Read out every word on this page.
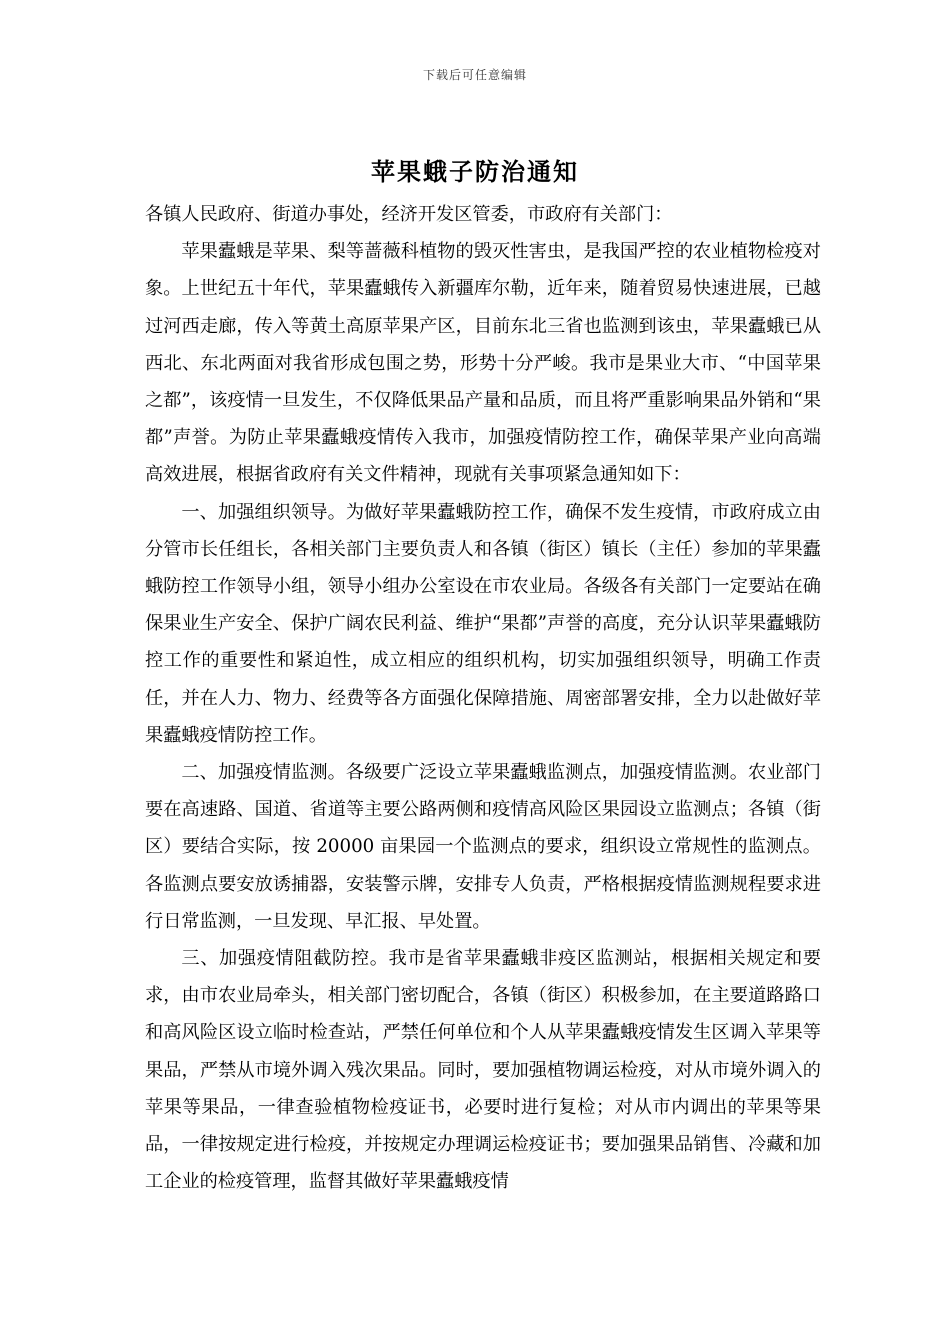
下载后可任意编辑
苹果蛾子防治通知

各镇人民政府、街道办事处，经济开发区管委，市政府有关部门：

苹果蠹蛾是苹果、梨等蔷薇科植物的毁灭性害虫，是我国严控的农业植物检疫对象。上世纪五十年代，苹果蠹蛾传入新疆库尔勒，近年来，随着贸易快速进展，已越过河西走廊，传入等黄土高原苹果产区，目前东北三省也监测到该虫，苹果蠹蛾已从西北、东北两面对我省形成包围之势，形势十分严峻。我市是果业大市、“中国苹果之都”，该疫情一旦发生，不仅降低果品产量和品质，而且将严重影响果品外销和“果都”声誉。为防止苹果蠹蛾疫情传入我市，加强疫情防控工作，确保苹果产业向高端高效进展，根据省政府有关文件精神，现就有关事项紧急通知如下：

一、加强组织领导。为做好苹果蠹蛾防控工作，确保不发生疫情，市政府成立由分管市长任组长，各相关部门主要负责人和各镇（街区）镇长（主任）参加的苹果蠹蛾防控工作领导小组，领导小组办公室设在市农业局。各级各有关部门一定要站在确保果业生产安全、保护广阔农民利益、维护“果都”声誉的高度，充分认识苹果蠹蛾防控工作的重要性和紧迫性，成立相应的组织机构，切实加强组织领导，明确工作责任，并在人力、物力、经费等各方面强化保障措施、周密部署安排，全力以赴做好苹果蠹蛾疫情防控工作。

二、加强疫情监测。各级要广泛设立苹果蠹蛾监测点，加强疫情监测。农业部门要在高速路、国道、省道等主要公路两侧和疫情高风险区果园设立监测点；各镇（街区）要结合实际，按 20000 亩果园一个监测点的要求，组织设立常规性的监测点。各监测点要安放诱捕器，安装警示牌，安排专人负责，严格根据疫情监测规程要求进行日常监测，一旦发现、早汇报、早处置。

三、加强疫情阻截防控。我市是省苹果蠹蛾非疫区监测站，根据相关规定和要求，由市农业局牵头，相关部门密切配合，各镇（街区）积极参加，在主要道路路口和高风险区设立临时检查站，严禁任何单位和个人从苹果蠹蛾疫情发生区调入苹果等果品，严禁从市境外调入残次果品。同时，要加强植物调运检疫，对从市境外调入的苹果等果品，一律查验植物检疫证书，必要时进行复检；对从市内调出的苹果等果品，一律按规定进行检疫，并按规定办理调运检疫证书；要加强果品销售、冷藏和加工企业的检疫管理，监督其做好苹果蠹蛾疫情
